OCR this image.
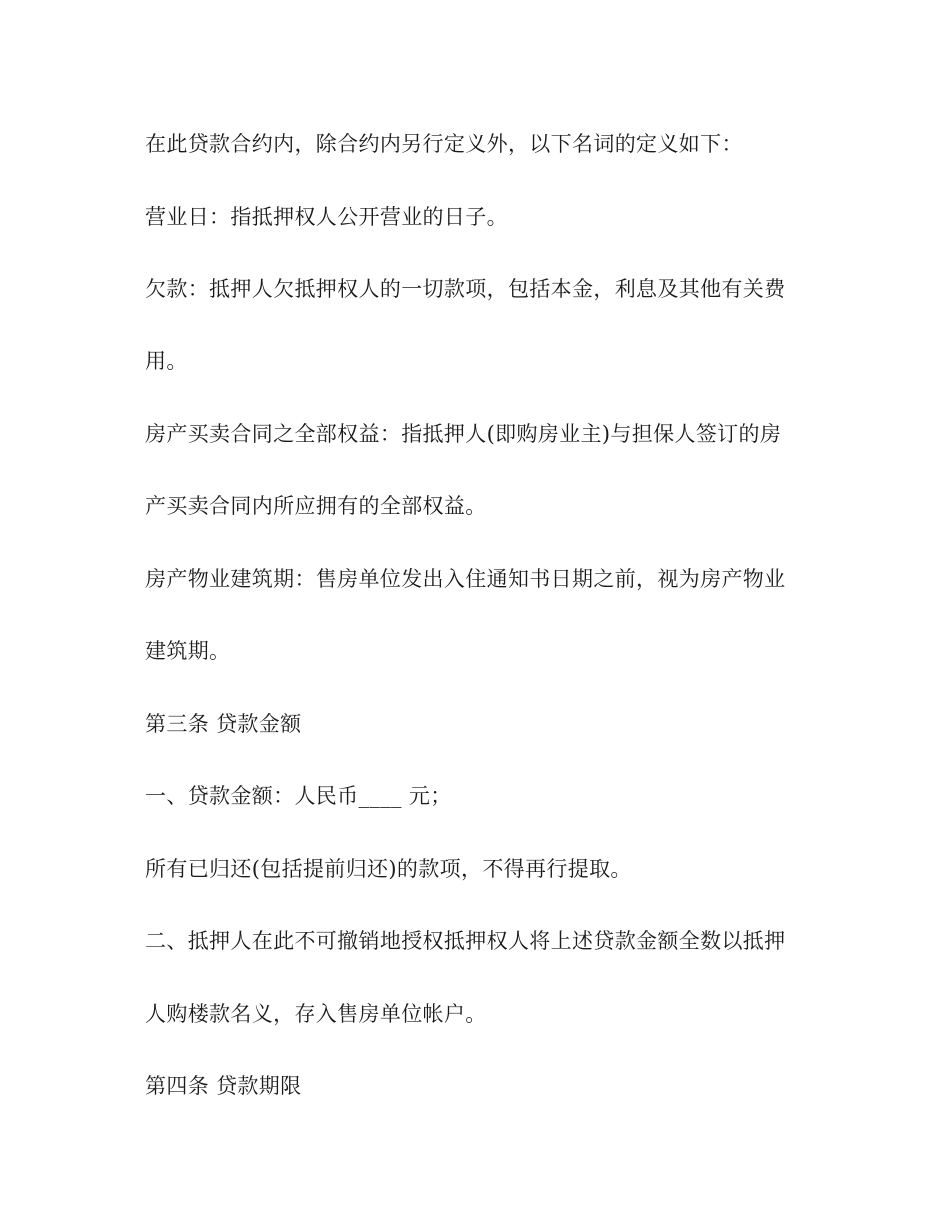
在此贷款合约内，除合约内另行定义外，以下名词的定义如下：

营业日：指抵押权人公开营业的日子。

欠款：抵押人欠抵押权人的一切款项，包括本金，利息及其他有关费

用。

房产买卖合同之全部权益：指抵押人(即购房业主)与担保人签订的房

产买卖合同内所应拥有的全部权益。

房产物业建筑期：售房单位发出入住通知书日期之前，视为房产物业

建筑期。

第三条 贷款金额

一、贷款金额：人民币____ 元；

所有已归还(包括提前归还)的款项，不得再行提取。

二、抵押人在此不可撤销地授权抵押权人将上述贷款金额全数以抵押

人购楼款名义，存入售房单位帐户。

第四条 贷款期限
